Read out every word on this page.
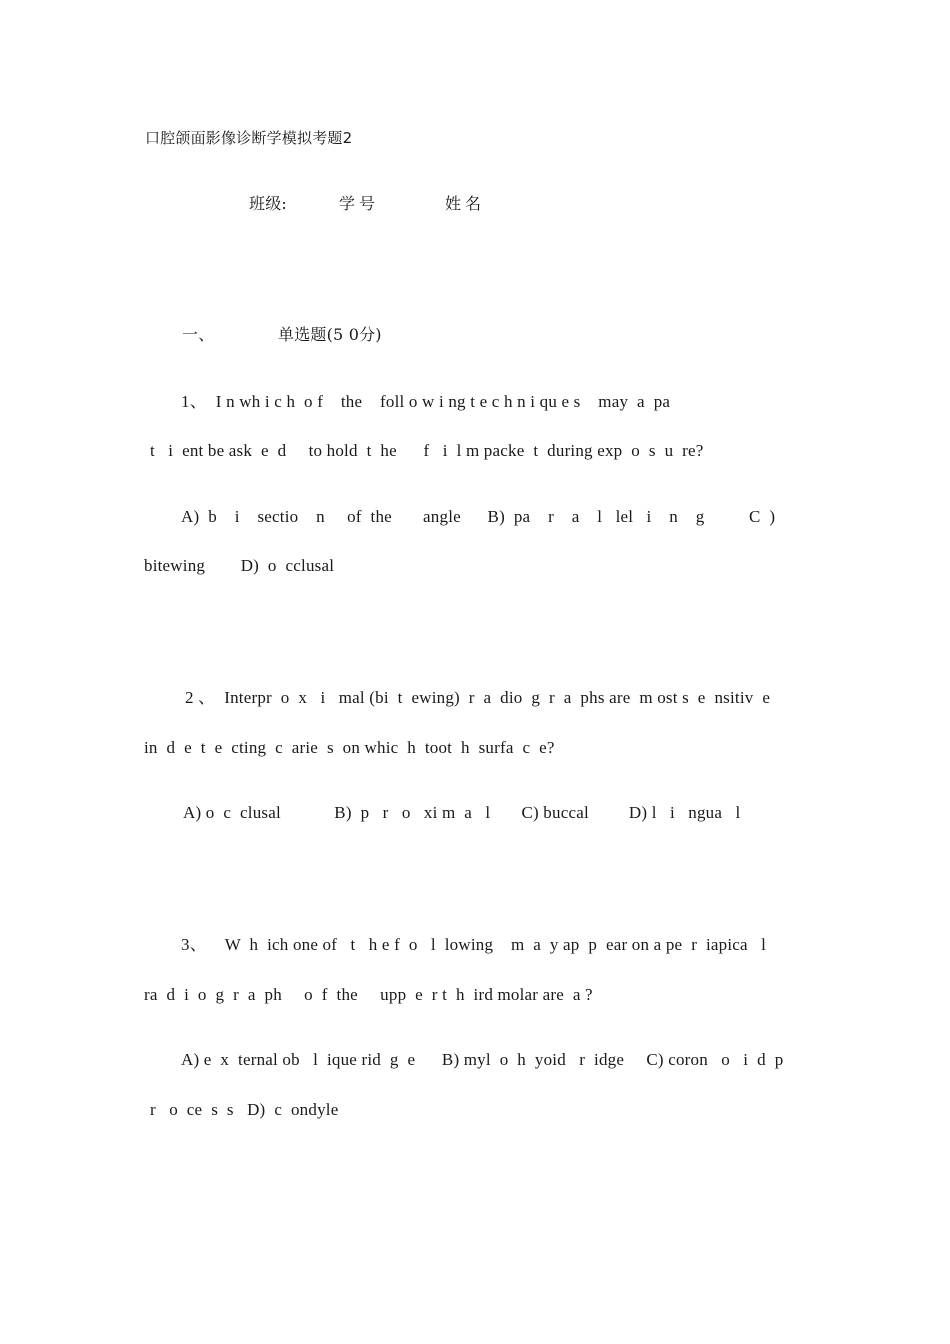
口腔颌面影像诊断学模拟考题2
班级:	学号	姓名
一、	单选题(5 0分)
1、  I n wh i c h  o f    the    foll o w i ng t e c h n i qu e s    may  a  pa
t   i  ent be ask  e  d     to hold  t  he      f   i  l m packe  t  during exp  o  s  u  re?
A)  b    i    sectio    n     of  the       angle      B)  pa    r    a    l   lel   i    n    g          C  )
bitewing        D)  o  cclusal
2 、  Interpr  o  x   i   mal (bi  t  ewing)  r  a  dio  g  r  a  phs are  m ost s  e  nsitiv  e
in  d  e  t  e  cting  c  arie  s  on whic  h  toot  h  surfa  c  e?
A) o  c  clusal            B)  p   r   o   xi m  a   l       C) buccal         D) l   i   ngua   l
3、    W  h  ich one of   t   h e f  o   l  lowing    m  a  y ap  p  ear on a pe  r  iapica   l
ra  d  i  o  g  r  a  ph     o  f  the     upp  e  r t  h  ird molar are  a ?
A) e  x  ternal ob   l  ique rid  g  e      B) myl  o  h  yoid   r  idge     C) coron   o   i  d  p
r   o  ce  s  s   D)  c  ondyle
